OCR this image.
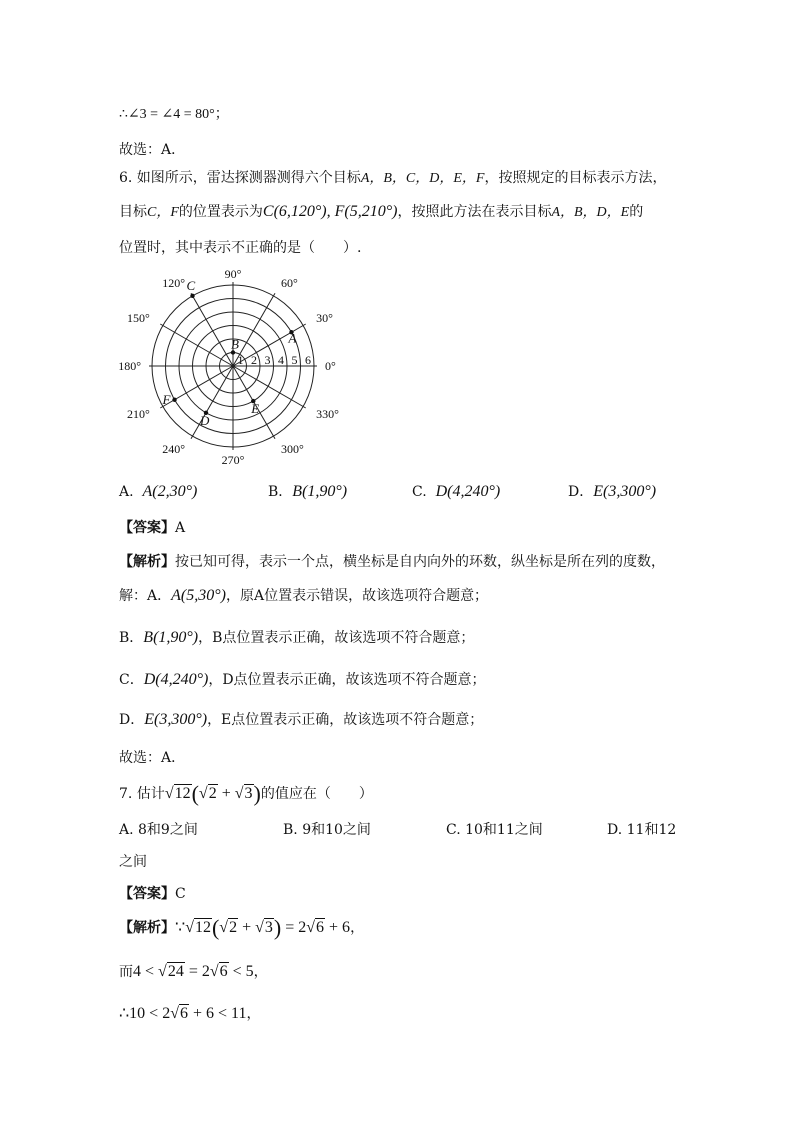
∴∠3 = ∠4 = 80°；
故选：A．
6. 如图所示，雷达探测器测得六个目标A，B，C，D，E，F，按照规定的目标表示方法，
目标C，F的位置表示为C(6,120°), F(5,210°)，按照此方法在表示目标A，B，D，E的
位置时，其中表示不正确的是（　　）.
90°
60°
30°
0°
330°
300°
270°
240°
210°
180°
150°
120°
1 2 3 4 5 6
A
B
C
D
E
F
A. A(2,30°)	B．B(1,90°)	C. D(4,240°)	D．E(3,300°)
【答案】A
【解析】按已知可得，表示一个点，横坐标是自内向外的环数，纵坐标是所在列的度数，
解：A．A(5,30°)，原A位置表示错误，故该选项符合题意；
B．B(1,90°)，B点位置表示正确，故该选项不符合题意；
C．D(4,240°)，D点位置表示正确，故该选项不符合题意；
D．E(3,300°)，E点位置表示正确，故该选项不符合题意；
故选：A．
7. 估计√12(√2 + √3)的值应在（　　）
A. 8和9之间	B. 9和10之间	C. 10和11之间	D. 11和12
之间
【答案】C
【解析】∵√12(√2 + √3) = 2√6 + 6，
而4 < √24 = 2√6 < 5，
∴10 < 2√6 + 6 < 11，
